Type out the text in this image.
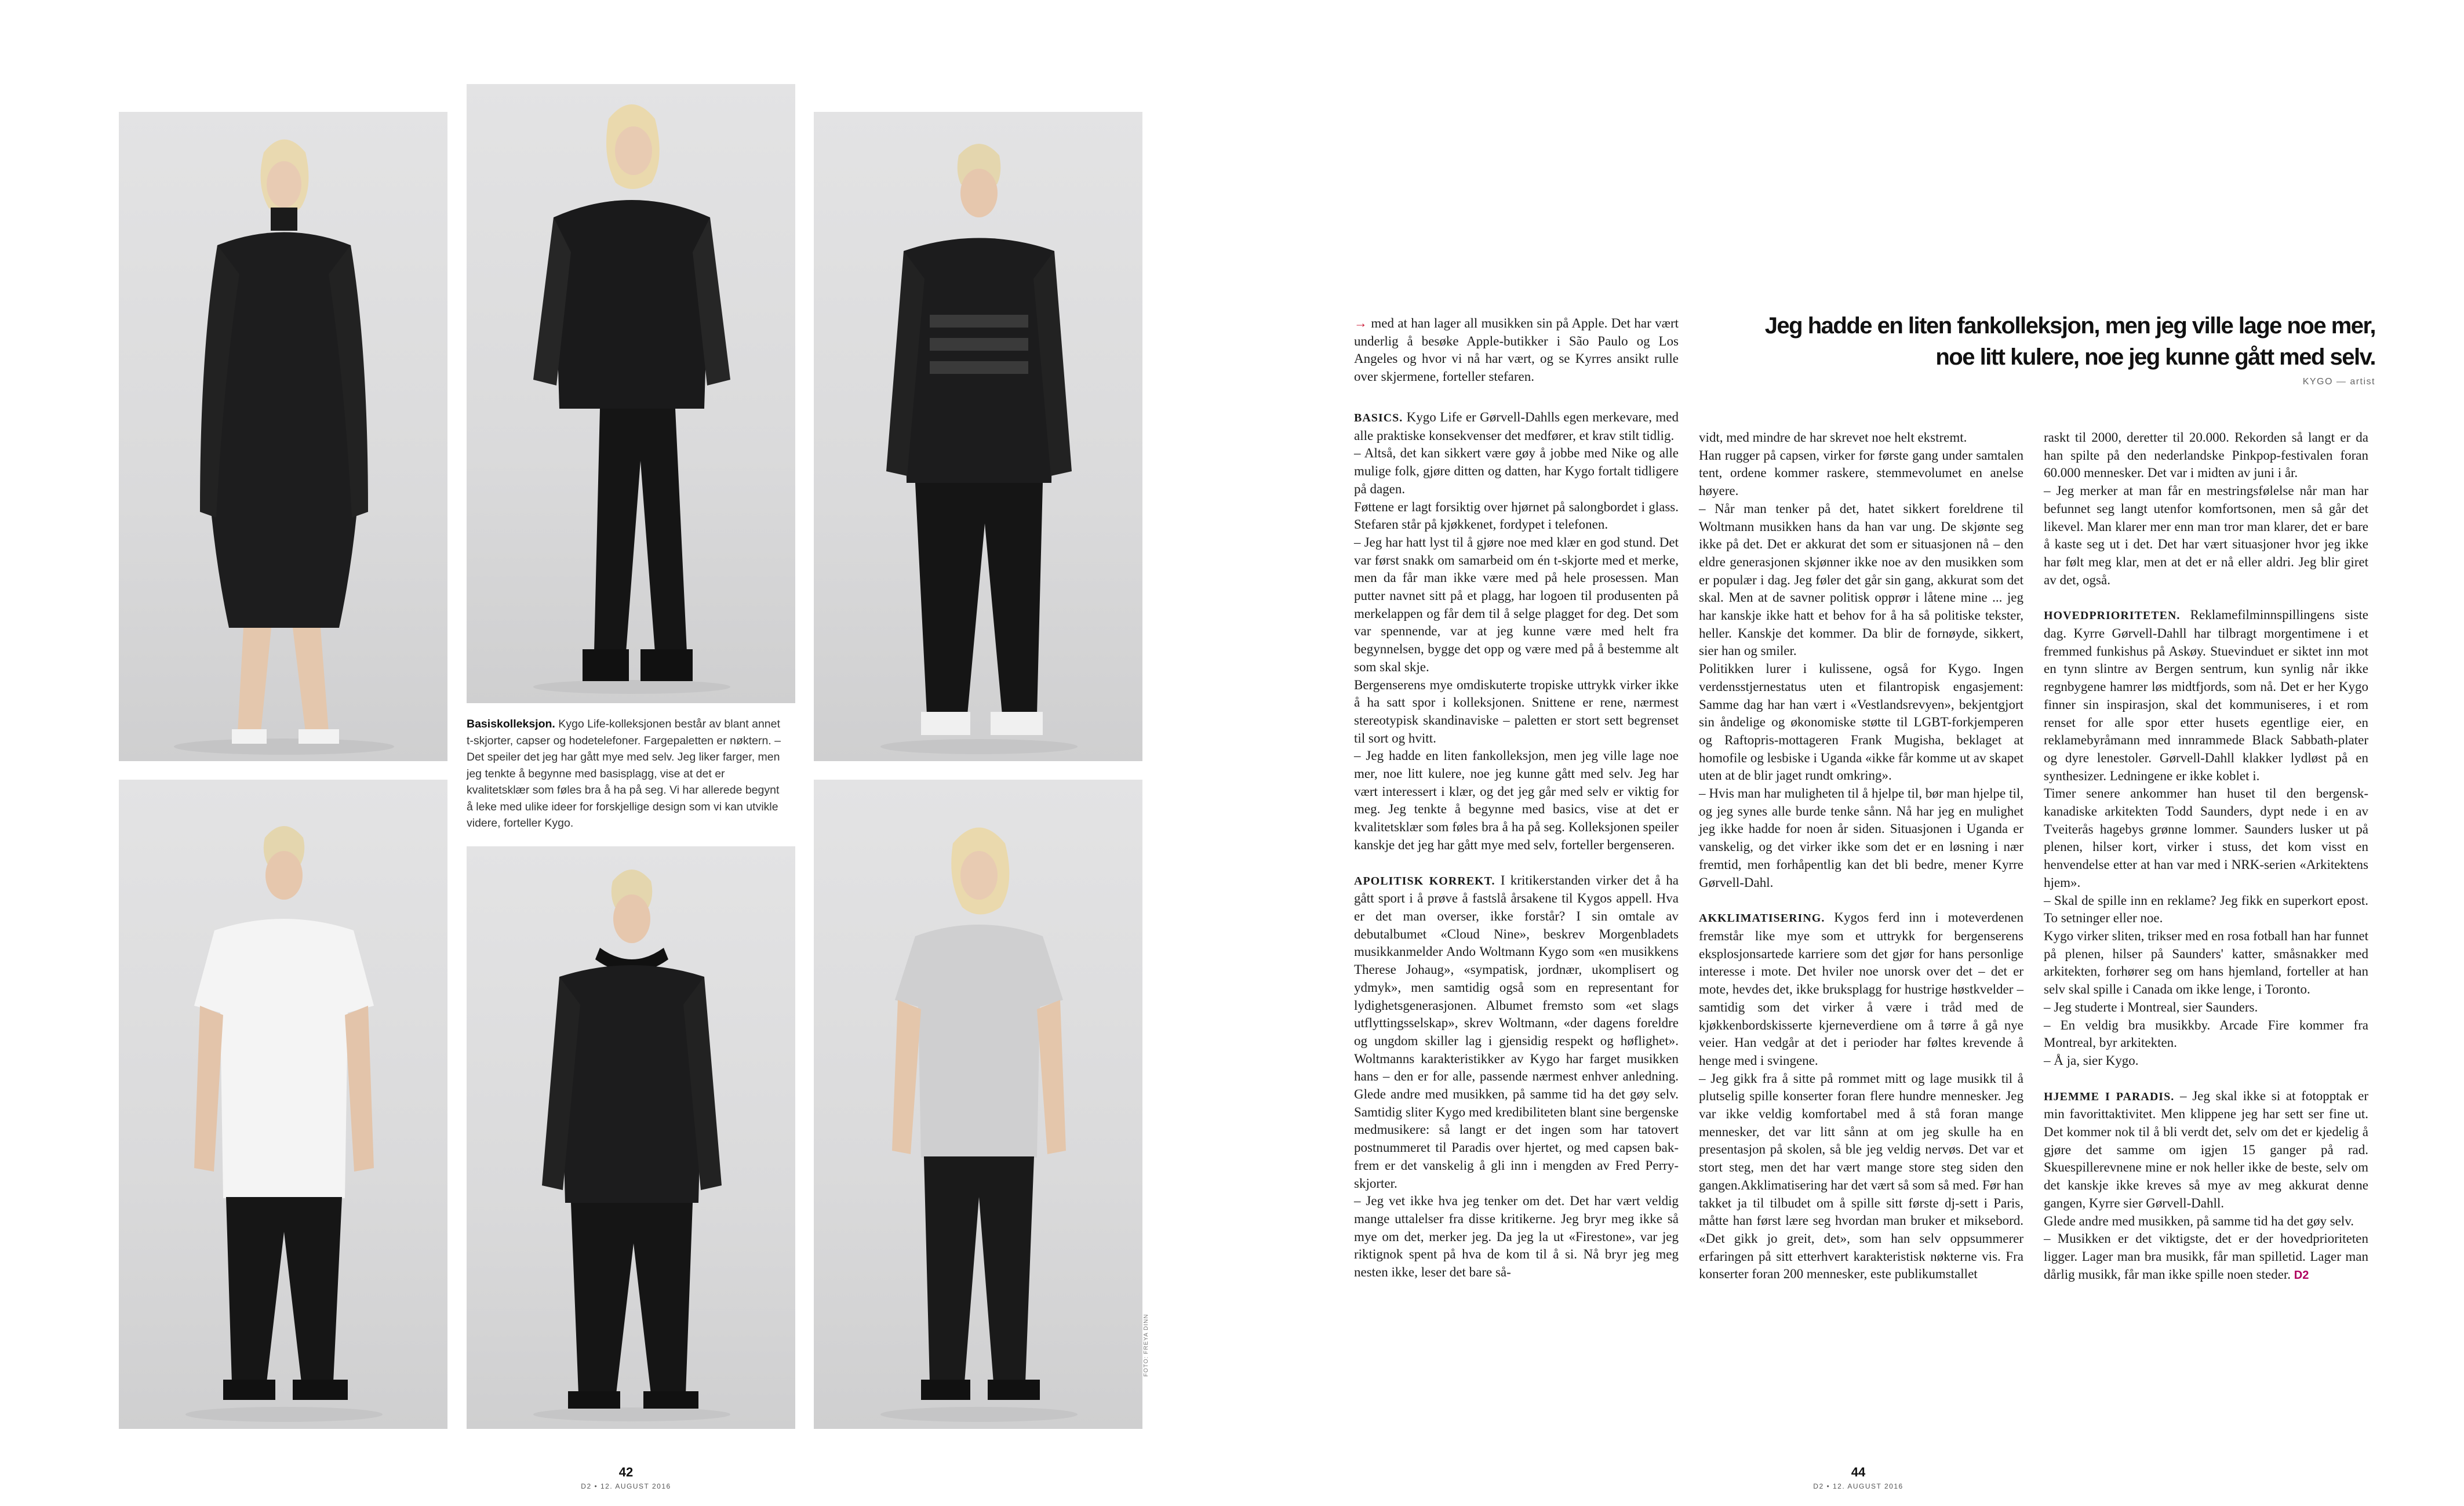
Basiskolleksjon. Kygo Life-kolleksjonen består av blant annet t-skjorter, capser og hodetelefoner. Fargepaletten er nøktern. – Det speiler det jeg har gått mye med selv. Jeg liker farger, men jeg tenkte å begynne med basisplagg, vise at det er kvalitetsklær som føles bra å ha på seg. Vi har allerede begynt å leke med ulike ideer for forskjellige design som vi kan utvikle videre, forteller Kygo.
FOTO: FREYA DINN
42
D2 • 12. AUGUST 2016

→ med at han lager all musikken sin på Apple. Det har vært underlig å besøke Apple-butikker i São Paulo og Los Angeles og hvor vi nå har vært, og se Kyrres ansikt rulle over skjermene, forteller stefaren.

Jeg hadde en liten fankolleksjon, men jeg ville lage noe mer,
noe litt kulere, noe jeg kunne gått med selv.
KYGO — artist

BASICS. Kygo Life er Gørvell-Dahlls egen merkevare, med alle praktiske konsekvenser det medfører, et krav stilt tidlig.

– Altså, det kan sikkert være gøy å jobbe med Nike og alle mulige folk, gjøre ditten og datten, har Kygo fortalt tidligere på dagen.

Føttene er lagt forsiktig over hjørnet på salongbordet i glass. Stefaren står på kjøkkenet, fordypet i telefonen.

– Jeg har hatt lyst til å gjøre noe med klær en god stund. Det var først snakk om samarbeid om én t-skjorte med et merke, men da får man ikke være med på hele prosessen. Man putter navnet sitt på et plagg, har logoen til produsenten på merkelappen og får dem til å selge plagget for deg. Det som var spennende, var at jeg kunne være med helt fra begynnelsen, bygge det opp og være med på å bestemme alt som skal skje.

Bergenserens mye omdiskuterte tropiske uttrykk virker ikke å ha satt spor i kolleksjonen. Snittene er rene, nærmest stereotypisk skandinaviske – paletten er stort sett begrenset til sort og hvitt.

– Jeg hadde en liten fankolleksjon, men jeg ville lage noe mer, noe litt kulere, noe jeg kunne gått med selv. Jeg har vært interessert i klær, og det jeg går med selv er viktig for meg. Jeg tenkte å begynne med basics, vise at det er kvalitetsklær som føles bra å ha på seg. Kolleksjonen speiler kanskje det jeg har gått mye med selv, forteller bergenseren.

APOLITISK KORREKT. I kritikerstanden virker det å ha gått sport i å prøve å fastslå årsakene til Kygos appell. Hva er det man overser, ikke forstår? I sin omtale av debutalbumet «Cloud Nine», beskrev Morgenbladets musikkanmelder Ando Woltmann Kygo som «en musikkens Therese Johaug», «sympatisk, jordnær, ukomplisert og ydmyk», men samtidig også som en representant for lydighetsgenerasjonen. Albumet fremsto som «et slags utflyttingsselskap», skrev Woltmann, «der dagens foreldre og ungdom skiller lag i gjensidig respekt og høflighet». Woltmanns karakteristikker av Kygo har farget musikken hans – den er for alle, passende nærmest enhver anledning. Glede andre med musikken, på samme tid ha det gøy selv. Samtidig sliter Kygo med kredibiliteten blant sine bergenske medmusikere: så langt er det ingen som har tatovert postnummeret til Paradis over hjertet, og med capsen bak-frem er det vanskelig å gli inn i mengden av Fred Perry-skjorter.

– Jeg vet ikke hva jeg tenker om det. Det har vært veldig mange uttalelser fra disse kritikerne. Jeg bryr meg ikke så mye om det, merker jeg. Da jeg la ut «Firestone», var jeg riktignok spent på hva de kom til å si. Nå bryr jeg meg nesten ikke, leser det bare så-

vidt, med mindre de har skrevet noe helt ekstremt.

Han rugger på capsen, virker for første gang under samtalen tent, ordene kommer raskere, stemmevolumet en anelse høyere.

– Når man tenker på det, hatet sikkert foreldrene til Woltmann musikken hans da han var ung. De skjønte seg ikke på det. Det er akkurat det som er situasjonen nå – den eldre generasjonen skjønner ikke noe av den musikken som er populær i dag. Jeg føler det går sin gang, akkurat som det skal. Men at de savner politisk opprør i låtene mine ... jeg har kanskje ikke hatt et behov for å ha så politiske tekster, heller. Kanskje det kommer. Da blir de fornøyde, sikkert, sier han og smiler.

Politikken lurer i kulissene, også for Kygo. Ingen verdensstjernestatus uten et filantropisk engasjement: Samme dag har han vært i «Vestlandsrevyen», bekjentgjort sin åndelige og økonomiske støtte til LGBT-forkjemperen og Raftopris-mottageren Frank Mugisha, beklaget at homofile og lesbiske i Uganda «ikke får komme ut av skapet uten at de blir jaget rundt omkring».

– Hvis man har muligheten til å hjelpe til, bør man hjelpe til, og jeg synes alle burde tenke sånn. Nå har jeg en mulighet jeg ikke hadde for noen år siden. Situasjonen i Uganda er vanskelig, og det virker ikke som det er en løsning i nær fremtid, men forhåpentlig kan det bli bedre, mener Kyrre Gørvell-Dahl.

AKKLIMATISERING. Kygos ferd inn i moteverdenen fremstår like mye som et uttrykk for bergenserens eksplosjonsartede karriere som det gjør for hans personlige interesse i mote. Det hviler noe unorsk over det – det er mote, hevdes det, ikke bruksplagg for hustrige høstkvelder – samtidig som det virker å være i tråd med de kjøkkenbordskisserte kjerneverdiene om å tørre å gå nye veier. Han vedgår at det i perioder har føltes krevende å henge med i svingene.

– Jeg gikk fra å sitte på rommet mitt og lage musikk til å plutselig spille konserter foran flere hundre mennesker. Jeg var ikke veldig komfortabel med å stå foran mange mennesker, det var litt sånn at om jeg skulle ha en presentasjon på skolen, så ble jeg veldig nervøs. Det var et stort steg, men det har vært mange store steg siden den gangen.Akklimatisering har det vært så som så med. Før han takket ja til tilbudet om å spille sitt første dj-sett i Paris, måtte han først lære seg hvordan man bruker et miksebord. «Det gikk jo greit, det», som han selv oppsummerer erfaringen på sitt etterhvert karakteristisk nøkterne vis. Fra konserter foran 200 mennesker, este publikumstallet

raskt til 2000, deretter til 20.000. Rekorden så langt er da han spilte på den nederlandske Pinkpop-festivalen foran 60.000 mennesker. Det var i midten av juni i år.

– Jeg merker at man får en mestringsfølelse når man har befunnet seg langt utenfor komfortsonen, men så går det likevel. Man klarer mer enn man tror man klarer, det er bare å kaste seg ut i det. Det har vært situasjoner hvor jeg ikke har følt meg klar, men at det er nå eller aldri. Jeg blir giret av det, også.

HOVEDPRIORITETEN. Reklamefilminnspillingens siste dag. Kyrre Gørvell-Dahll har tilbragt morgentimene i et fremmed funkishus på Askøy. Stuevinduet er siktet inn mot en tynn slintre av Bergen sentrum, kun synlig når ikke regnbygene hamrer løs midtfjords, som nå. Det er her Kygo finner sin inspirasjon, skal det kommuniseres, i et rom renset for alle spor etter husets egentlige eier, en reklamebyråmann med innrammede Black Sabbath-plater og dyre lenestoler. Gørvell-Dahll klakker lydløst på en synthesizer. Ledningene er ikke koblet i.

Timer senere ankommer han huset til den bergensk-kanadiske arkitekten Todd Saunders, dypt nede i en av Tveiterås hagebys grønne lommer. Saunders lusker ut på plenen, hilser kort, virker i stuss, det kom visst en henvendelse etter at han var med i NRK-serien «Arkitektens hjem».

– Skal de spille inn en reklame? Jeg fikk en superkort epost. To setninger eller noe.

Kygo virker sliten, trikser med en rosa fotball han har funnet på plenen, hilser på Saunders' katter, småsnakker med arkitekten, forhører seg om hans hjemland, forteller at han selv skal spille i Canada om ikke lenge, i Toronto.

– Jeg studerte i Montreal, sier Saunders.

– En veldig bra musikkby. Arcade Fire kommer fra Montreal, byr arkitekten.

– Å ja, sier Kygo.

HJEMME I PARADIS. – Jeg skal ikke si at fotopptak er min favorittaktivitet. Men klippene jeg har sett ser fine ut. Det kommer nok til å bli verdt det, selv om det er kjedelig å gjøre det samme om igjen 15 ganger på rad. Skuespillerevnene mine er nok heller ikke de beste, selv om det kanskje ikke kreves så mye av meg akkurat denne gangen, Kyrre sier Gørvell-Dahll.

Glede andre med musikken, på samme tid ha det gøy selv.

– Musikken er det viktigste, det er der hovedprioriteten ligger. Lager man bra musikk, får man spilletid. Lager man dårlig musikk, får man ikke spille noen steder. D2

44
D2 • 12. AUGUST 2016
